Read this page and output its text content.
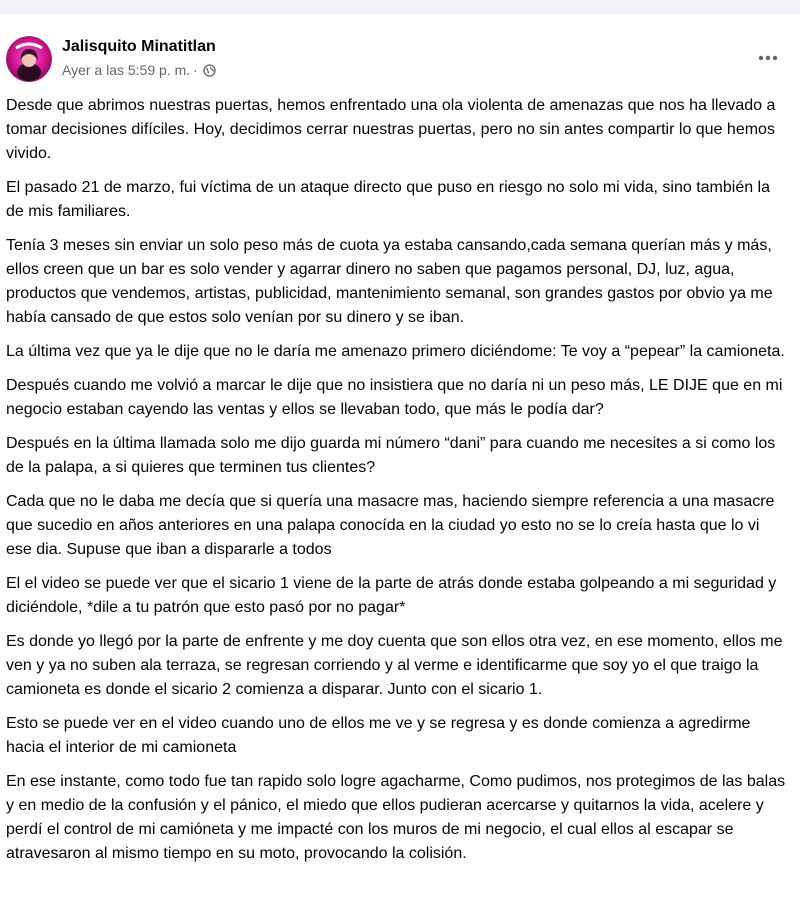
Jalisquito Minatitlan
Ayer a las 5:59 p. m. ·

Desde que abrimos nuestras puertas, hemos enfrentado una ola violenta de amenazas que nos ha llevado a tomar decisiones difíciles. Hoy, decidimos cerrar nuestras puertas, pero no sin antes compartir lo que hemos vivido.

El pasado 21 de marzo, fui víctima de un ataque directo que puso en riesgo no solo mi vida, sino también la de mis familiares.

Tenía 3 meses sin enviar un solo peso más de cuota ya estaba cansando,cada semana querían más y más, ellos creen que un bar es solo vender y agarrar dinero no saben que pagamos personal, DJ, luz, agua, productos que vendemos, artistas, publicidad, mantenimiento semanal, son grandes gastos por obvio ya me había cansado de que estos solo venían por su dinero y se iban.

La última vez que ya le dije que no le daría me amenazo primero diciéndome: Te voy a “pepear” la camioneta.

Después cuando me volvió a marcar le dije que no insistiera que no daría ni un peso más, LE DIJE que en mi negocio estaban cayendo las ventas y ellos se llevaban todo, que más le podía dar?

Después en la última llamada solo me dijo guarda mi número “dani” para cuando me necesites a si como los de la palapa, a si quieres que terminen tus clientes?

Cada que no le daba me decía que si quería una masacre mas, haciendo siempre referencia a una masacre que sucedio en años anteriores en una palapa conocída en la ciudad yo esto no se lo creía hasta que lo vi ese dia. Supuse que iban a dispararle a todos

El el video se puede ver que el sicario 1 viene de la parte de atrás donde estaba golpeando a mi seguridad y diciéndole, *dile a tu patrón que esto pasó por no pagar*

Es donde yo llegó por la parte de enfrente y me doy cuenta que son ellos otra vez, en ese momento, ellos me ven y ya no suben ala terraza, se regresan corriendo y al verme e identificarme que soy yo el que traigo la camioneta es donde el sicario 2 comienza a disparar. Junto con el sicario 1.

Esto se puede ver en el video cuando uno de ellos me ve y se regresa y es donde comienza a agredirme hacia el interior de mi camioneta

En ese instante, como todo fue tan rapido solo logre agacharme, Como pudimos, nos protegimos de las balas y en medio de la confusión y el pánico, el miedo que ellos pudieran acercarse y quitarnos la vida, acelere y perdí el control de mi camióneta y me impacté con los muros de mi negocio, el cual ellos al escapar se atravesaron al mismo tiempo en su moto, provocando la colisión.
